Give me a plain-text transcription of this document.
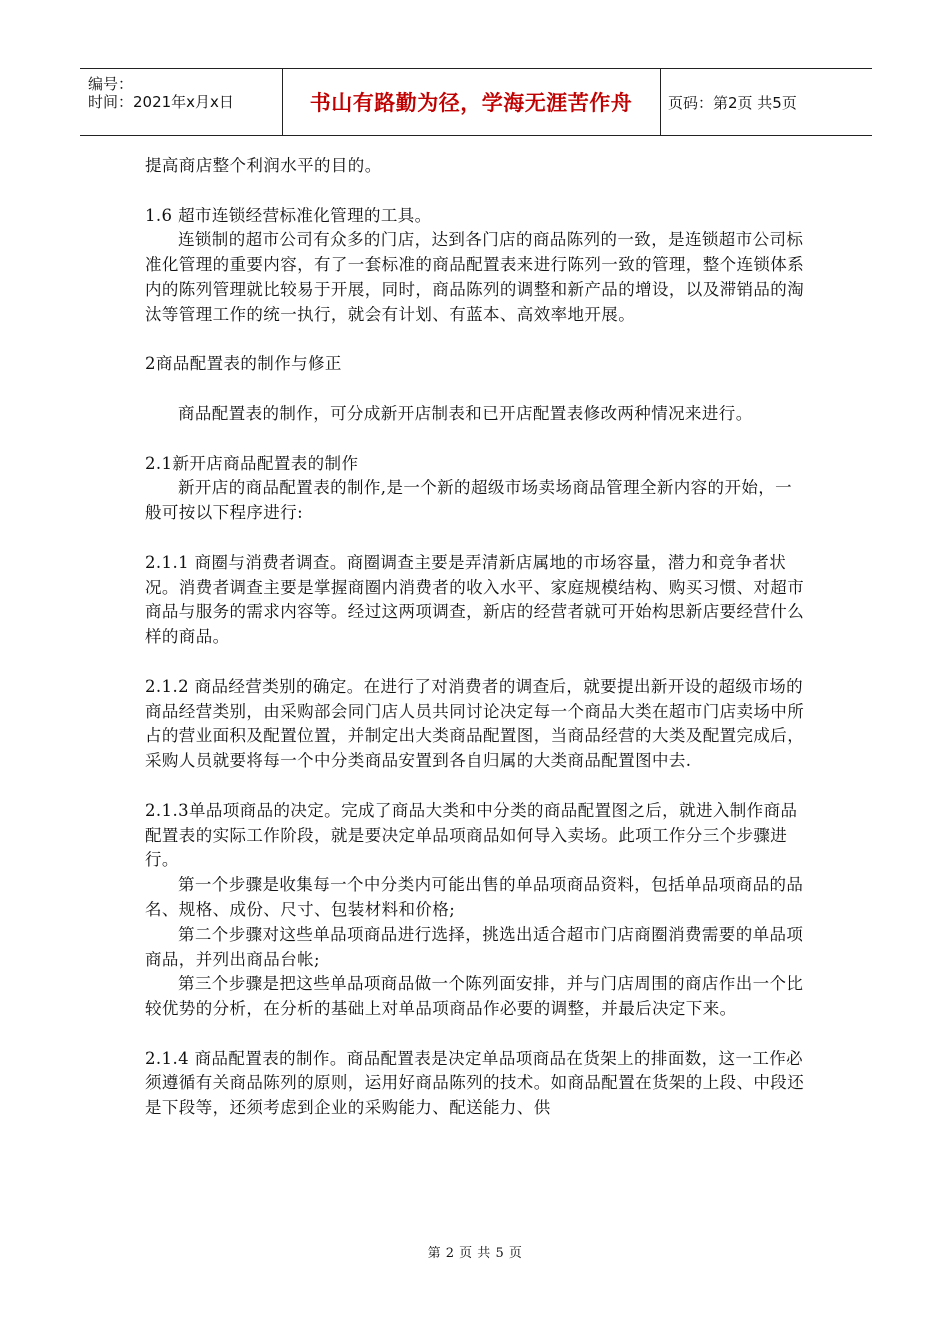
编号：
时间：2021年x月x日	书山有路勤为径，学海无涯苦作舟	页码：第2页 共5页

提高商店整个利润水平的目的。

1.6 超市连锁经营标准化管理的工具。

连锁制的超市公司有众多的门店，达到各门店的商品陈列的一致，是连锁超市公司标准化管理的重要内容，有了一套标准的商品配置表来进行陈列一致的管理，整个连锁体系内的陈列管理就比较易于开展，同时，商品陈列的调整和新产品的增设，以及滞销品的淘汰等管理工作的统一执行，就会有计划、有蓝本、高效率地开展。

2商品配置表的制作与修正

商品配置表的制作，可分成新开店制表和已开店配置表修改两种情况来进行。

2.1新开店商品配置表的制作

新开店的商品配置表的制作,是一个新的超级市场卖场商品管理全新内容的开始，一般可按以下程序进行:

2.1.1 商圈与消费者调查。商圈调查主要是弄清新店属地的市场容量，潜力和竞争者状况。消费者调查主要是掌握商圈内消费者的收入水平、家庭规模结构、购买习惯、对超市商品与服务的需求内容等。经过这两项调查，新店的经营者就可开始构思新店要经营什么样的商品。

2.1.2 商品经营类别的确定。在进行了对消费者的调查后，就要提出新开设的超级市场的商品经营类别，由采购部会同门店人员共同讨论决定每一个商品大类在超市门店卖场中所占的营业面积及配置位置，并制定出大类商品配置图，当商品经营的大类及配置完成后，采购人员就要将每一个中分类商品安置到各自归属的大类商品配置图中去.

2.1.3单品项商品的决定。完成了商品大类和中分类的商品配置图之后，就进入制作商品配置表的实际工作阶段，就是要决定单品项商品如何导入卖场。此项工作分三个步骤进行。

第一个步骤是收集每一个中分类内可能出售的单品项商品资料，包括单品项商品的品名、规格、成份、尺寸、包装材料和价格;

第二个步骤对这些单品项商品进行选择，挑选出适合超市门店商圈消费需要的单品项商品，并列出商品台帐;

第三个步骤是把这些单品项商品做一个陈列面安排，并与门店周围的商店作出一个比较优势的分析，在分析的基础上对单品项商品作必要的调整，并最后决定下来。

2.1.4 商品配置表的制作。商品配置表是决定单品项商品在货架上的排面数，这一工作必须遵循有关商品陈列的原则，运用好商品陈列的技术。如商品配置在货架的上段、中段还是下段等，还须考虑到企业的采购能力、配送能力、供

第 2 页 共 5 页
